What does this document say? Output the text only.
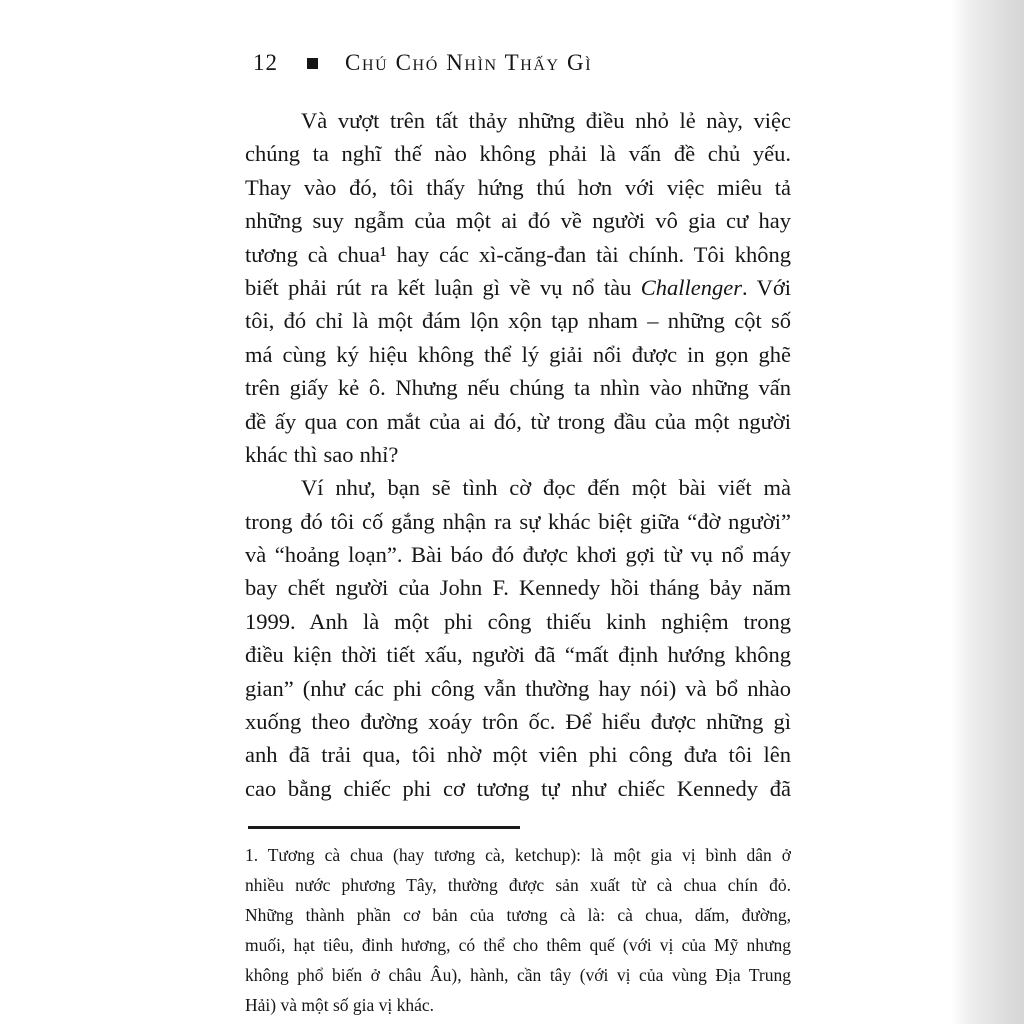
12	Chú Chó Nhìn Thấy Gì
Và vượt trên tất thảy những điều nhỏ lẻ này, việc
chúng ta nghĩ thế nào không phải là vấn đề chủ yếu.
Thay vào đó, tôi thấy hứng thú hơn với việc miêu tả
những suy ngẫm của một ai đó về người vô gia cư hay
tương cà chua¹ hay các xì-căng-đan tài chính. Tôi không
biết phải rút ra kết luận gì về vụ nổ tàu Challenger. Với
tôi, đó chỉ là một đám lộn xộn tạp nham – những cột số
má cùng ký hiệu không thể lý giải nổi được in gọn ghẽ
trên giấy kẻ ô. Nhưng nếu chúng ta nhìn vào những vấn
đề ấy qua con mắt của ai đó, từ trong đầu của một người
khác thì sao nhỉ?
Ví như, bạn sẽ tình cờ đọc đến một bài viết mà
trong đó tôi cố gắng nhận ra sự khác biệt giữa “đờ người”
và “hoảng loạn”. Bài báo đó được khơi gợi từ vụ nổ máy
bay chết người của John F. Kennedy hồi tháng bảy năm
1999. Anh là một phi công thiếu kinh nghiệm trong
điều kiện thời tiết xấu, người đã “mất định hướng không
gian” (như các phi công vẫn thường hay nói) và bổ nhào
xuống theo đường xoáy trôn ốc. Để hiểu được những gì
anh đã trải qua, tôi nhờ một viên phi công đưa tôi lên
cao bằng chiếc phi cơ tương tự như chiếc Kennedy đã
1. Tương cà chua (hay tương cà, ketchup): là một gia vị bình dân ở
nhiều nước phương Tây, thường được sản xuất từ cà chua chín đỏ.
Những thành phần cơ bản của tương cà là: cà chua, dấm, đường,
muối, hạt tiêu, đinh hương, có thể cho thêm quế (với vị của Mỹ nhưng
không phổ biến ở châu Âu), hành, cần tây (với vị của vùng Địa Trung
Hải) và một số gia vị khác.
